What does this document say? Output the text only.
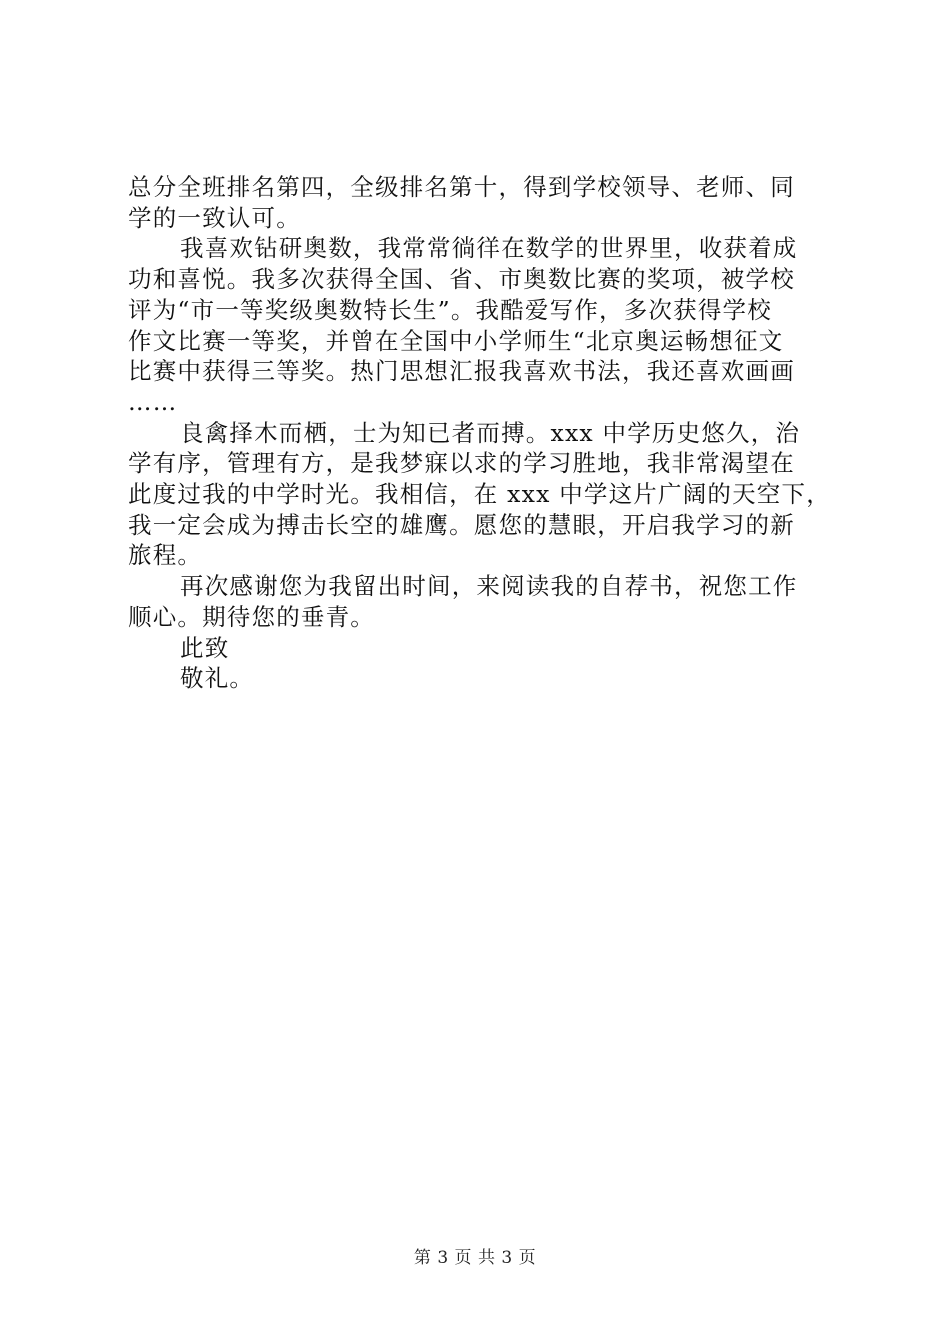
总分全班排名第四，全级排名第十，得到学校领导、老师、同
学的一致认可。
我喜欢钻研奥数，我常常徜徉在数学的世界里，收获着成
功和喜悦。我多次获得全国、省、市奥数比赛的奖项，被学校
评为“市一等奖级奥数特长生”。我酷爱写作，多次获得学校
作文比赛一等奖，并曾在全国中小学师生“北京奥运畅想征文
比赛中获得三等奖。热门思想汇报我喜欢书法，我还喜欢画画
……
良禽择木而栖，士为知已者而搏。xxx 中学历史悠久，治
学有序，管理有方，是我梦寐以求的学习胜地，我非常渴望在
此度过我的中学时光。我相信，在 xxx 中学这片广阔的天空下，
我一定会成为搏击长空的雄鹰。愿您的慧眼，开启我学习的新
旅程。
再次感谢您为我留出时间，来阅读我的自荐书，祝您工作
顺心。期待您的垂青。
此致
敬礼。
第 3 页 共 3 页
